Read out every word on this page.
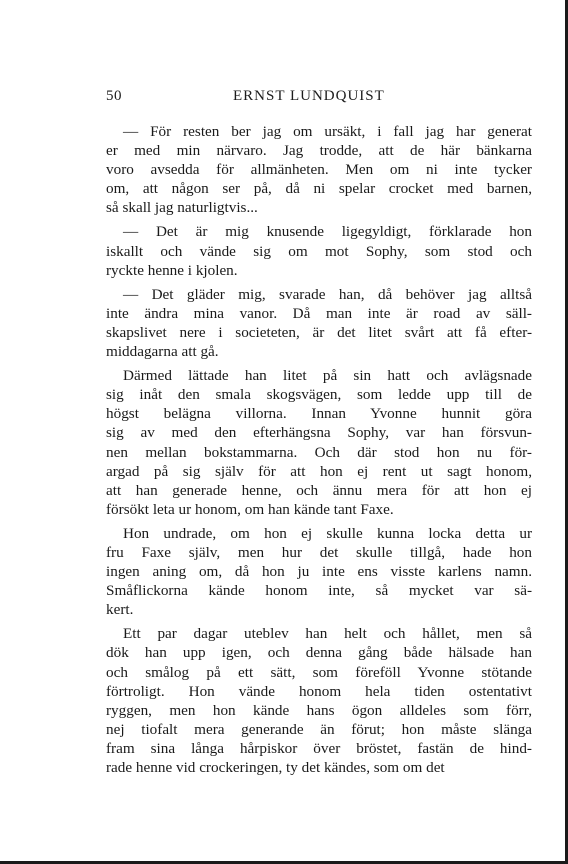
50	ERNST LUNDQUIST
— För resten ber jag om ursäkt, i fall jag har generat
er med min närvaro. Jag trodde, att de här bänkarna
voro avsedda för allmänheten. Men om ni inte tycker
om, att någon ser på, då ni spelar crocket med barnen,
så skall jag naturligtvis...
— Det är mig knusende ligegyldigt, förklarade hon
iskallt och vände sig om mot Sophy, som stod och
ryckte henne i kjolen.
— Det gläder mig, svarade han, då behöver jag alltså
inte ändra mina vanor. Då man inte är road av säll-
skapslivet nere i societeten, är det litet svårt att få efter-
middagarna att gå.
Därmed lättade han litet på sin hatt och avlägsnade
sig inåt den smala skogsvägen, som ledde upp till de
högst belägna villorna. Innan Yvonne hunnit göra
sig av med den efterhängsna Sophy, var han försvun-
nen mellan bokstammarna. Och där stod hon nu för-
argad på sig själv för att hon ej rent ut sagt honom,
att han generade henne, och ännu mera för att hon ej
försökt leta ur honom, om han kände tant Faxe.
Hon undrade, om hon ej skulle kunna locka detta ur
fru Faxe själv, men hur det skulle tillgå, hade hon
ingen aning om, då hon ju inte ens visste karlens namn.
Småflickorna kände honom inte, så mycket var sä-
kert.
Ett par dagar uteblev han helt och hållet, men så
dök han upp igen, och denna gång både hälsade han
och smålog på ett sätt, som föreföll Yvonne stötande
förtroligt. Hon vände honom hela tiden ostentativt
ryggen, men hon kände hans ögon alldeles som förr,
nej tiofalt mera generande än förut; hon måste slänga
fram sina långa hårpiskor över bröstet, fastän de hind-
rade henne vid crockeringen, ty det kändes, som om det
